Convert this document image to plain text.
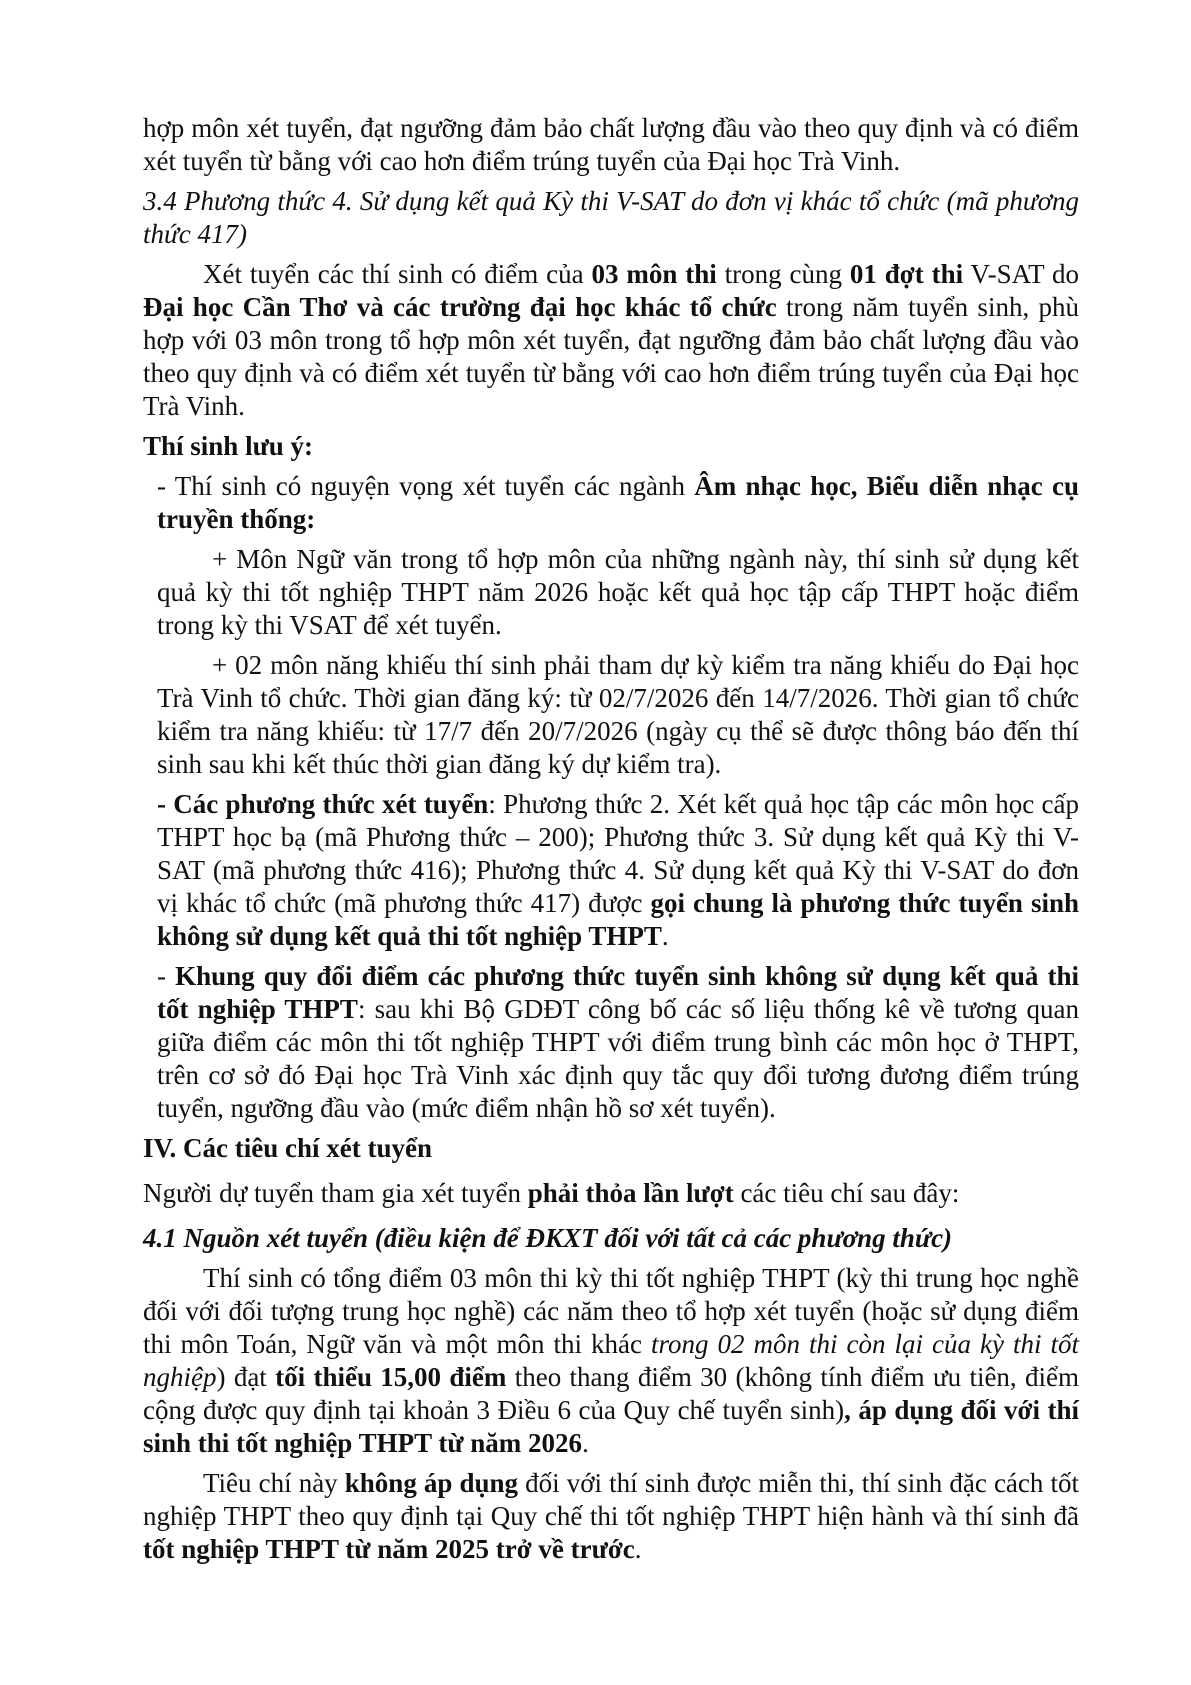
hợp môn xét tuyển, đạt ngưỡng đảm bảo chất lượng đầu vào theo quy định và có điểm xét tuyển từ bằng với cao hơn điểm trúng tuyển của Đại học Trà Vinh.

3.4 Phương thức 4. Sử dụng kết quả Kỳ thi V-SAT do đơn vị khác tổ chức (mã phương thức 417)

Xét tuyển các thí sinh có điểm của 03 môn thi trong cùng 01 đợt thi V-SAT do Đại học Cần Thơ và các trường đại học khác tổ chức trong năm tuyển sinh, phù hợp với 03 môn trong tổ hợp môn xét tuyển, đạt ngưỡng đảm bảo chất lượng đầu vào theo quy định và có điểm xét tuyển từ bằng với cao hơn điểm trúng tuyển của Đại học Trà Vinh.

Thí sinh lưu ý:

- Thí sinh có nguyện vọng xét tuyển các ngành Âm nhạc học, Biểu diễn nhạc cụ truyền thống:

+ Môn Ngữ văn trong tổ hợp môn của những ngành này, thí sinh sử dụng kết quả kỳ thi tốt nghiệp THPT năm 2026 hoặc kết quả học tập cấp THPT hoặc điểm trong kỳ thi VSAT để xét tuyển.

+ 02 môn năng khiếu thí sinh phải tham dự kỳ kiểm tra năng khiếu do Đại học Trà Vinh tổ chức. Thời gian đăng ký: từ 02/7/2026 đến 14/7/2026. Thời gian tổ chức kiểm tra năng khiếu: từ 17/7 đến 20/7/2026 (ngày cụ thể sẽ được thông báo đến thí sinh sau khi kết thúc thời gian đăng ký dự kiểm tra).

- Các phương thức xét tuyển: Phương thức 2. Xét kết quả học tập các môn học cấp THPT học bạ (mã Phương thức – 200); Phương thức 3. Sử dụng kết quả Kỳ thi V-SAT (mã phương thức 416); Phương thức 4. Sử dụng kết quả Kỳ thi V-SAT do đơn vị khác tổ chức (mã phương thức 417) được gọi chung là phương thức tuyển sinh không sử dụng kết quả thi tốt nghiệp THPT.

- Khung quy đổi điểm các phương thức tuyển sinh không sử dụng kết quả thi tốt nghiệp THPT: sau khi Bộ GDĐT công bố các số liệu thống kê về tương quan giữa điểm các môn thi tốt nghiệp THPT với điểm trung bình các môn học ở THPT, trên cơ sở đó Đại học Trà Vinh xác định quy tắc quy đổi tương đương điểm trúng tuyển, ngưỡng đầu vào (mức điểm nhận hồ sơ xét tuyển).

IV. Các tiêu chí xét tuyển

Người dự tuyển tham gia xét tuyển phải thỏa lần lượt các tiêu chí sau đây:

4.1 Nguồn xét tuyển (điều kiện để ĐKXT đối với tất cả các phương thức)

Thí sinh có tổng điểm 03 môn thi kỳ thi tốt nghiệp THPT (kỳ thi trung học nghề đối với đối tượng trung học nghề) các năm theo tổ hợp xét tuyển (hoặc sử dụng điểm thi môn Toán, Ngữ văn và một môn thi khác trong 02 môn thi còn lại của kỳ thi tốt nghiệp) đạt tối thiểu 15,00 điểm theo thang điểm 30 (không tính điểm ưu tiên, điểm cộng được quy định tại khoản 3 Điều 6 của Quy chế tuyển sinh), áp dụng đối với thí sinh thi tốt nghiệp THPT từ năm 2026.

Tiêu chí này không áp dụng đối với thí sinh được miễn thi, thí sinh đặc cách tốt nghiệp THPT theo quy định tại Quy chế thi tốt nghiệp THPT hiện hành và thí sinh đã tốt nghiệp THPT từ năm 2025 trở về trước.
